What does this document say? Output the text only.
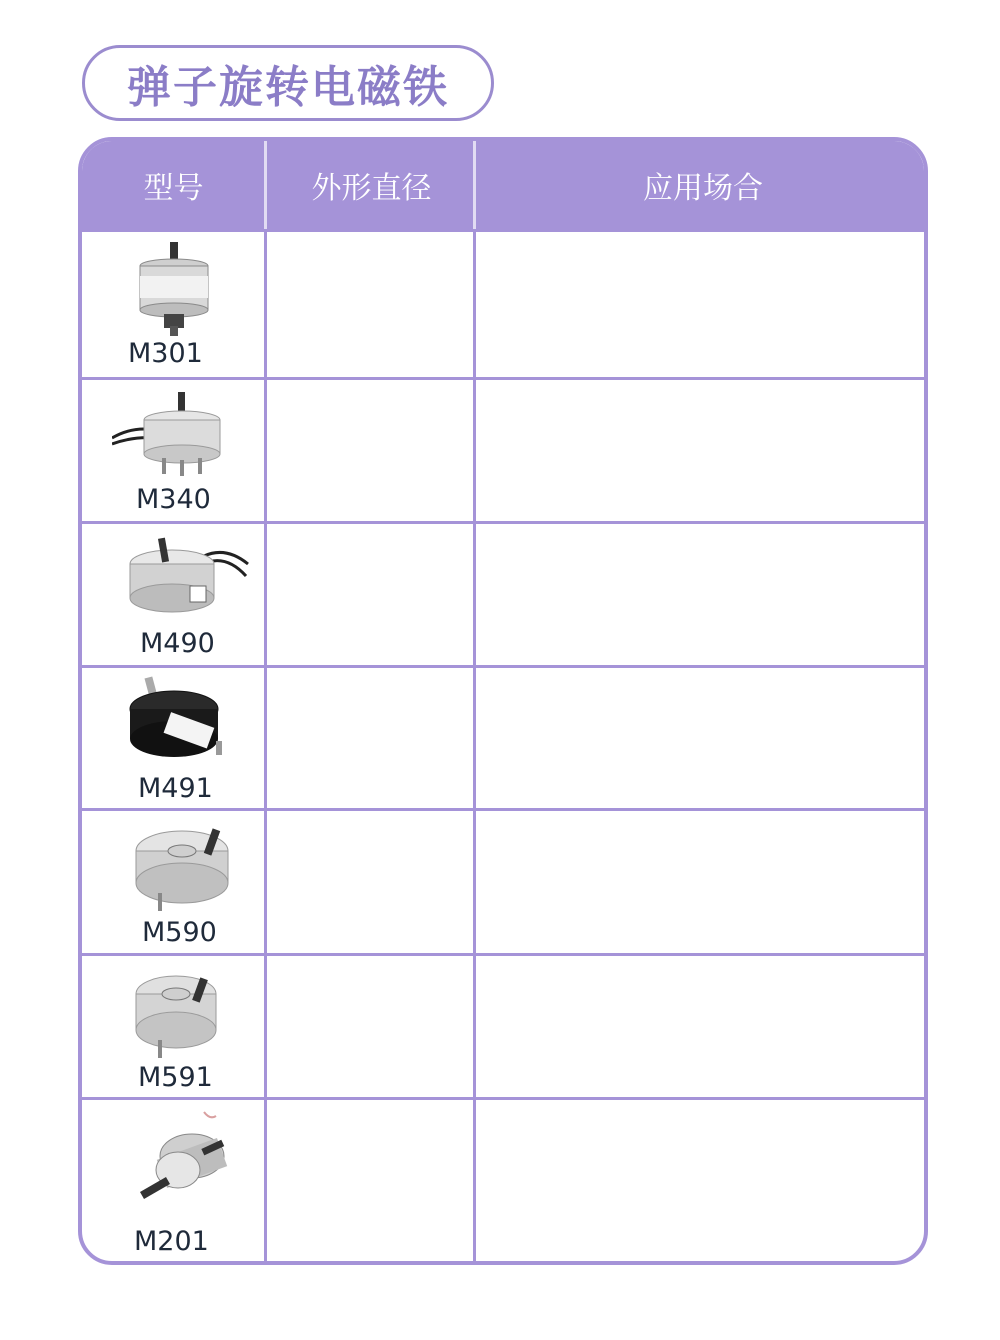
弹子旋转电磁铁
型号	外形直径	应用场合
M301
M340
M490
M491
M590
M591
M201
